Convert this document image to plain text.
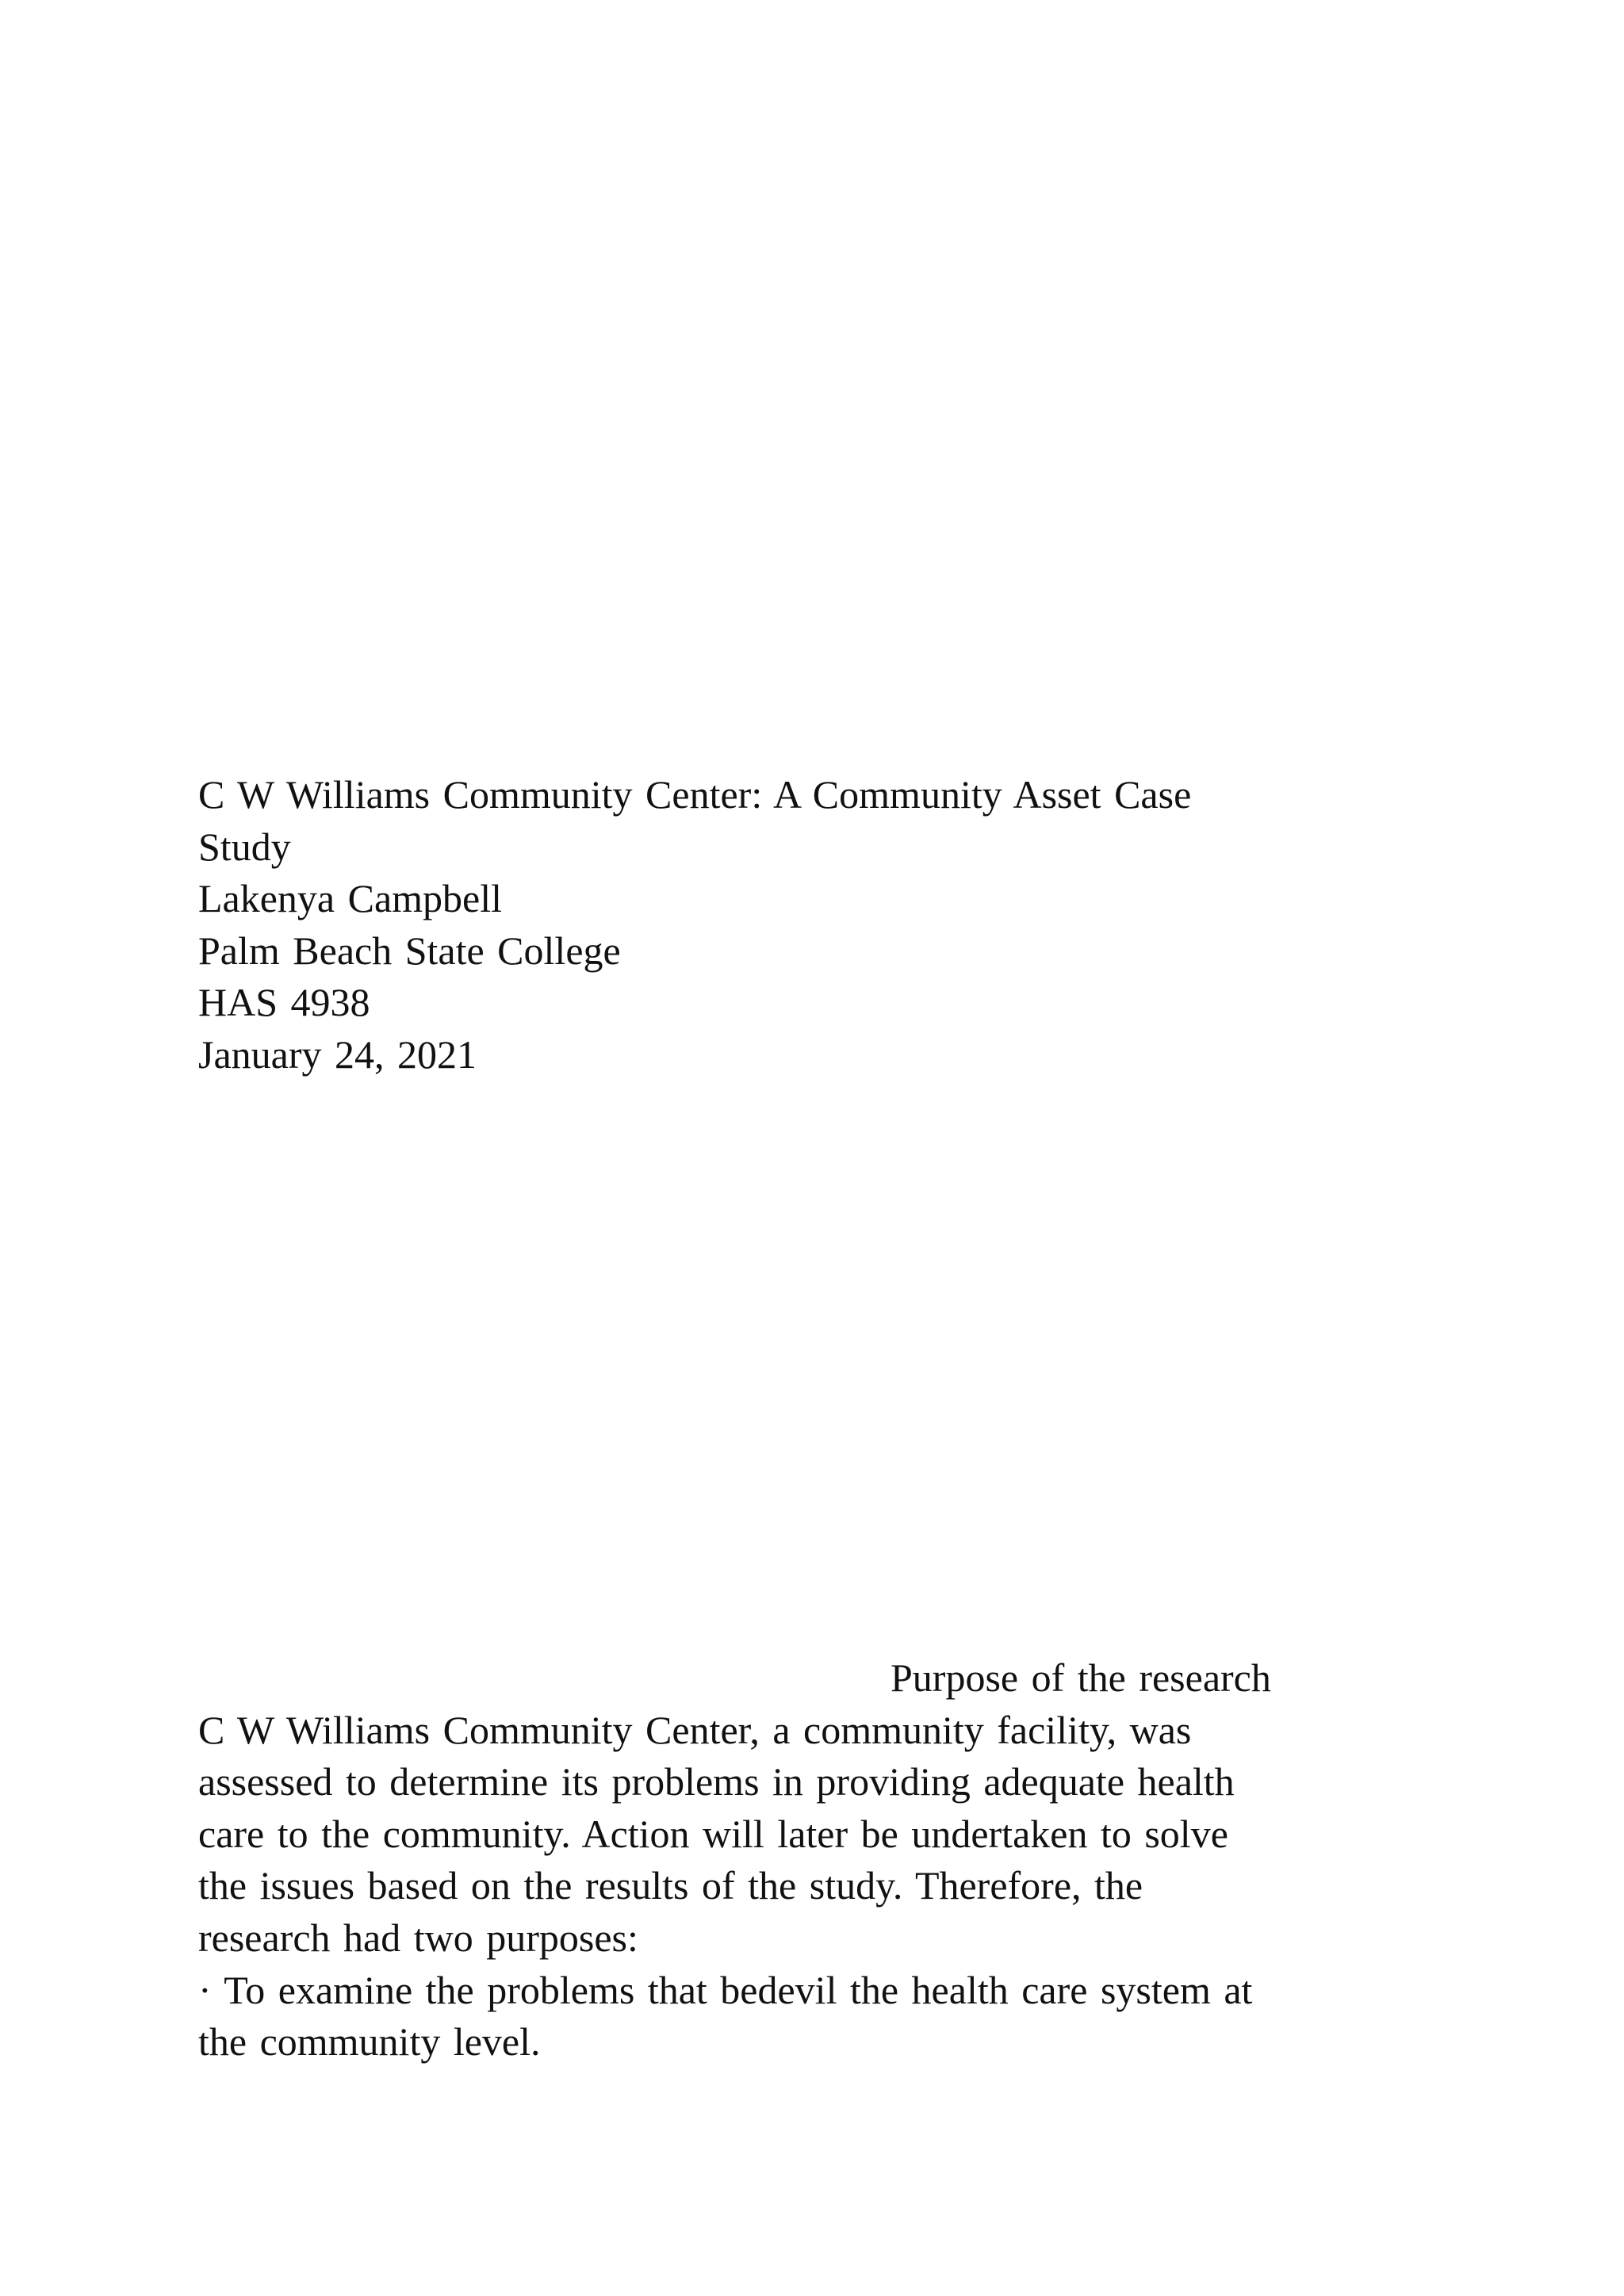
C W Williams Community Center: A Community Asset Case
Study
Lakenya Campbell
Palm Beach State College
HAS 4938
January 24, 2021
Purpose of the research
C W Williams Community Center, a community facility, was
assessed to determine its problems in providing adequate health
care to the community. Action will later be undertaken to solve
the issues based on the results of the study. Therefore, the
research had two purposes:
· To examine the problems that bedevil the health care system at
the community level.
